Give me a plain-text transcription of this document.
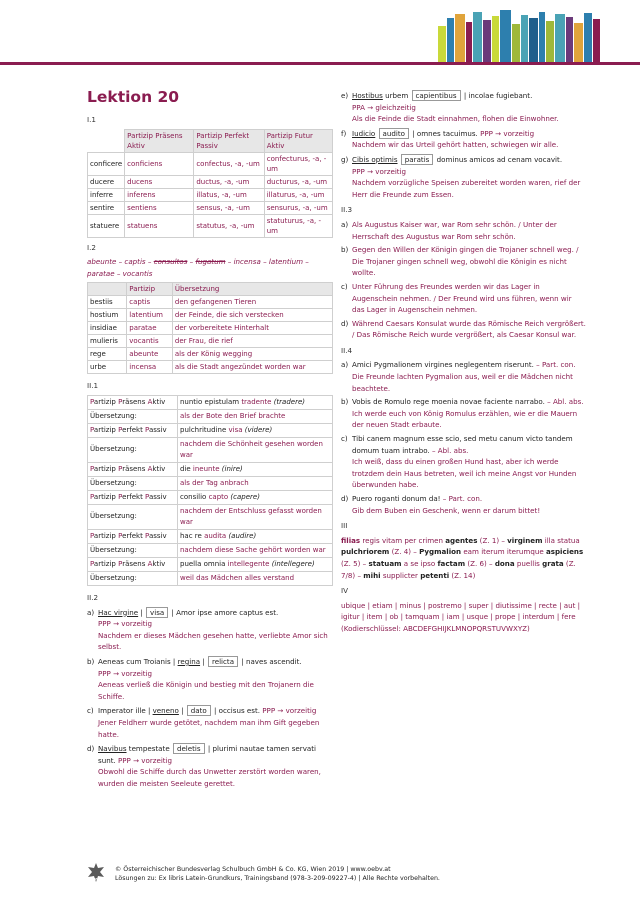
Lektion 20
I.1
	Partizip Präsens Aktiv	Partizip Perfekt Passiv	Partizip Futur Aktiv
conficere	conficiens	confectus, -a, -um	confecturus, -a, -um
ducere	ducens	ductus, -a, -um	ducturus, -a, -um
inferre	inferens	illatus, -a, -um	illaturus, -a, -um
sentire	sentiens	sensus, -a, -um	sensurus, -a, -um
statuere	statuens	statutus, -a, -um	statuturus, -a, -um
I.2
abeunte – captis – consultos – fugatum – incensa – latentium – paratae – vocantis
	Partizip	Übersetzung
bestiis	captis	den gefangenen Tieren
hostium	latentium	der Feinde, die sich verstecken
insidiae	paratae	der vorbereitete Hinterhalt
mulieris	vocantis	der Frau, die rief
rege	abeunte	als der König wegging
urbe	incensa	als die Stadt angezündet worden war
II.1
Partizip Präsens Aktiv	nuntio epistulam tradente (tradere)
Übersetzung:	als der Bote den Brief brachte
Partizip Perfekt Passiv	pulchritudine visa (videre)
Übersetzung:	nachdem die Schönheit gesehen worden war
Partizip Präsens Aktiv	die ineunte (inire)
Übersetzung:	als der Tag anbrach
Partizip Perfekt Passiv	consilio capto (capere)
Übersetzung:	nachdem der Entschluss gefasst worden war
Partizip Perfekt Passiv	hac re audita (audire)
Übersetzung:	nachdem diese Sache gehört worden war
Partizip Präsens Aktiv	puella omnia intellegente (intellegere)
Übersetzung:	weil das Mädchen alles verstand
II.2
a) Hac virgine | visa | Amor ipse amore captus est.
PPP → vorzeitig
Nachdem er dieses Mädchen gesehen hatte, verliebte Amor sich selbst.
b) Aeneas cum Troianis | regina | relicta | naves ascendit.
PPP → vorzeitig
Aeneas verließ die Königin und bestieg mit den Trojanern die Schiffe.
c) Imperator ille | veneno | dato | occisus est. PPP → vorzeitig
Jener Feldherr wurde getötet, nachdem man ihm Gift gegeben hatte.
d) Navibus tempestate deletis | plurimi nautae tamen servati sunt. PPP → vorzeitig
Obwohl die Schiffe durch das Unwetter zerstört worden waren, wurden die meisten Seeleute gerettet.
e) Hostibus urbem capientibus | incolae fugiebant.
PPA → gleichzeitig
Als die Feinde die Stadt einnahmen, flohen die Einwohner.
f) Iudicio audito | omnes tacuimus. PPP → vorzeitig
Nachdem wir das Urteil gehört hatten, schwiegen wir alle.
g) Cibis optimis paratis dominus amicos ad cenam vocavit.
PPP → vorzeitig
Nachdem vorzügliche Speisen zubereitet worden waren, rief der Herr die Freunde zum Essen.
II.3
a) Als Augustus Kaiser war, war Rom sehr schön. / Unter der Herrschaft des Augustus war Rom sehr schön.
b) Gegen den Willen der Königin gingen die Trojaner schnell weg. / Die Trojaner gingen schnell weg, obwohl die Königin es nicht wollte.
c) Unter Führung des Freundes werden wir das Lager in Augenschein nehmen. / Der Freund wird uns führen, wenn wir das Lager in Augenschein nehmen.
d) Während Caesars Konsulat wurde das Römische Reich vergrößert. / Das Römische Reich wurde vergrößert, als Caesar Konsul war.
II.4
a) Amici Pygmalionem virgines neglegentem riserunt. – Part. con.
Die Freunde lachten Pygmalion aus, weil er die Mädchen nicht beachtete.
b) Vobis de Romulo rege moenia novae faciente narrabo. – Abl. abs.
Ich werde euch von König Romulus erzählen, wie er die Mauern der neuen Stadt erbaute.
c) Tibi canem magnum esse scio, sed metu canum victo tandem domum tuam intrabo. – Abl. abs.
Ich weiß, dass du einen großen Hund hast, aber ich werde trotzdem dein Haus betreten, weil ich meine Angst vor Hunden überwunden habe.
d) Puero roganti donum da! – Part. con.
Gib dem Buben ein Geschenk, wenn er darum bittet!
III
filias regis vitam per crimen agentes (Z. 1) – virginem illa statua pulchriorem (Z. 4) – Pygmalion eam iterum iterumque aspiciens (Z. 5) – statuam a se ipso factam (Z. 6) – dona puellis grata (Z. 7/8) – mihi supplicter petenti (Z. 14)
IV
ubique | etiam | minus | postremo | super | diutissime | recte | aut | igitur | item | ob | tamquam | iam | usque | prope | interdum | fere
(Kodierschlüssel: ABCDEFGHIJKLMNOPQRSTUVWXYZ)
öbv
© Österreichischer Bundesverlag Schulbuch GmbH & Co. KG, Wien 2019 | www.oebv.at
Lösungen zu: Ex libris Latein-Grundkurs, Trainingsband (978-3-209-09227-4) | Alle Rechte vorbehalten.
